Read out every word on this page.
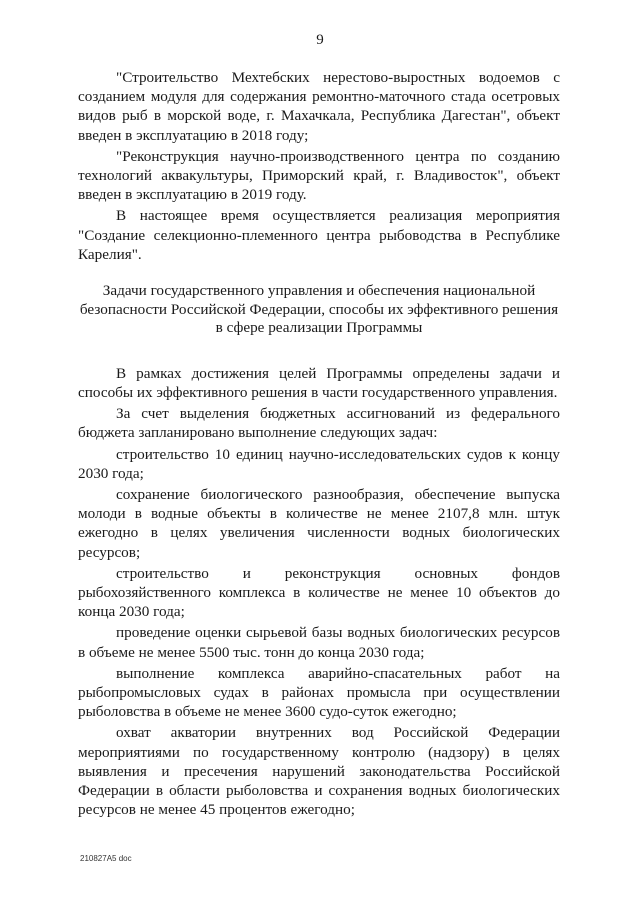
9

"Строительство Мехтебских нерестово-выростных водоемов с созданием модуля для содержания ремонтно-маточного стада осетровых видов рыб в морской воде, г. Махачкала, Республика Дагестан", объект введен в эксплуатацию в 2018 году;

"Реконструкция научно-производственного центра по созданию технологий аквакультуры, Приморский край, г. Владивосток", объект введен в эксплуатацию в 2019 году.

В настоящее время осуществляется реализация мероприятия "Создание селекционно-племенного центра рыбоводства в Республике Карелия".

Задачи государственного управления и обеспечения национальной
безопасности Российской Федерации, способы их эффективного решения
в сфере реализации Программы

В рамках достижения целей Программы определены задачи и способы их эффективного решения в части государственного управления.

За счет выделения бюджетных ассигнований из федерального бюджета запланировано выполнение следующих задач:

строительство 10 единиц научно-исследовательских судов к концу 2030 года;

сохранение биологического разнообразия, обеспечение выпуска молоди в водные объекты в количестве не менее 2107,8 млн. штук ежегодно в целях увеличения численности водных биологических ресурсов;

строительство и реконструкция основных фондов рыбохозяйственного комплекса в количестве не менее 10 объектов до конца 2030 года;

проведение оценки сырьевой базы водных биологических ресурсов в объеме не менее 5500 тыс. тонн до конца 2030 года;

выполнение комплекса аварийно-спасательных работ на рыбопромысловых судах в районах промысла при осуществлении рыболовства в объеме не менее 3600 судо-суток ежегодно;

охват акватории внутренних вод Российской Федерации мероприятиями по государственному контролю (надзору) в целях выявления и пресечения нарушений законодательства Российской Федерации в области рыболовства и сохранения водных биологических ресурсов не менее 45 процентов ежегодно;

210827A5 doc
